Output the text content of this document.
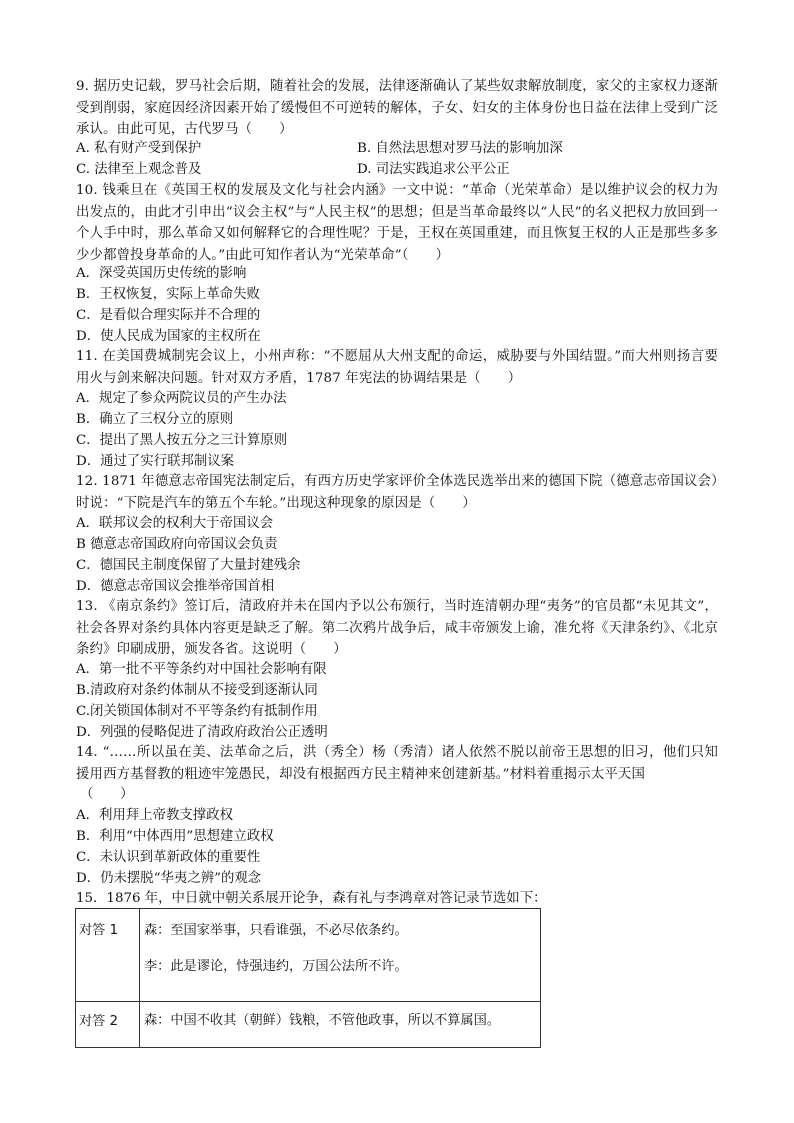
9. 据历史记载，罗马社会后期，随着社会的发展，法律逐渐确认了某些奴隶解放制度，家父的主家权力逐渐受到削弱，家庭因经济因素开始了缓慢但不可逆转的解体，子女、妇女的主体身份也日益在法律上受到广泛承认。由此可见，古代罗马（　　）
A. 私有财产受到保护	B. 自然法思想对罗马法的影响加深
C. 法律至上观念普及	D. 司法实践追求公平公正
10. 钱乘旦在《英国王权的发展及文化与社会内涵》一文中说：“革命（光荣革命）是以维护议会的权力为出发点的，由此才引申出“议会主权”与“人民主权”的思想；但是当革命最终以“人民”的名义把权力放回到一个人手中时，那么革命又如何解释它的合理性呢？于是，王权在英国重建，而且恢复王权的人正是那些多多少少都曾投身革命的人。”由此可知作者认为“光荣革命”（　　）
A．深受英国历史传统的影响
B．王权恢复，实际上革命失败
C．是看似合理实际并不合理的
D．使人民成为国家的主权所在
11. 在美国费城制宪会议上，小州声称：“不愿屈从大州支配的命运，威胁要与外国结盟。”而大州则扬言要用火与剑来解决问题。针对双方矛盾，1787 年宪法的协调结果是（　　）
A．规定了参众两院议员的产生办法
B．确立了三权分立的原则
C．提出了黑人按五分之三计算原则
D．通过了实行联邦制议案
12. 1871 年德意志帝国宪法制定后，有西方历史学家评价全体选民选举出来的德国下院（德意志帝国议会）时说：“下院是汽车的第五个车轮。”出现这种现象的原因是（　　）
A．联邦议会的权利大于帝国议会
B 德意志帝国政府向帝国议会负责
C．德国民主制度保留了大量封建残余
D．德意志帝国议会推举帝国首相
13. 《南京条约》签订后，清政府并未在国内予以公布颁行，当时连清朝办理“夷务”的官员都“未见其文”，社会各界对条约具体内容更是缺乏了解。第二次鸦片战争后，咸丰帝颁发上谕，准允将《天津条约》、《北京条约》印刷成册，颁发各省。这说明（　　）
A．第一批不平等条约对中国社会影响有限
B.清政府对条约体制从不接受到逐渐认同
C.闭关锁国体制对不平等条约有抵制作用
D．列强的侵略促进了清政府政治公正透明
14. “……所以虽在美、法革命之后，洪（秀全）杨（秀清）诸人依然不脱以前帝王思想的旧习，他们只知援用西方基督教的粗迹牢笼愚民，却没有根据西方民主精神来创建新基。”材料着重揭示太平天国
（　　）
A．利用拜上帝教支撑政权
B．利用“中体西用”思想建立政权
C．未认识到革新政体的重要性
D．仍未摆脱“华夷之辨”的观念
15．1876 年，中日就中朝关系展开论争，森有礼与李鸿章对答记录节选如下：
对答 1	森：至国家举事，只看谁强，不必尽依条约。
李：此是谬论，恃强违约，万国公法所不许。

对答 2	森：中国不收其（朝鲜）钱粮，不管他政事，所以不算属国。
